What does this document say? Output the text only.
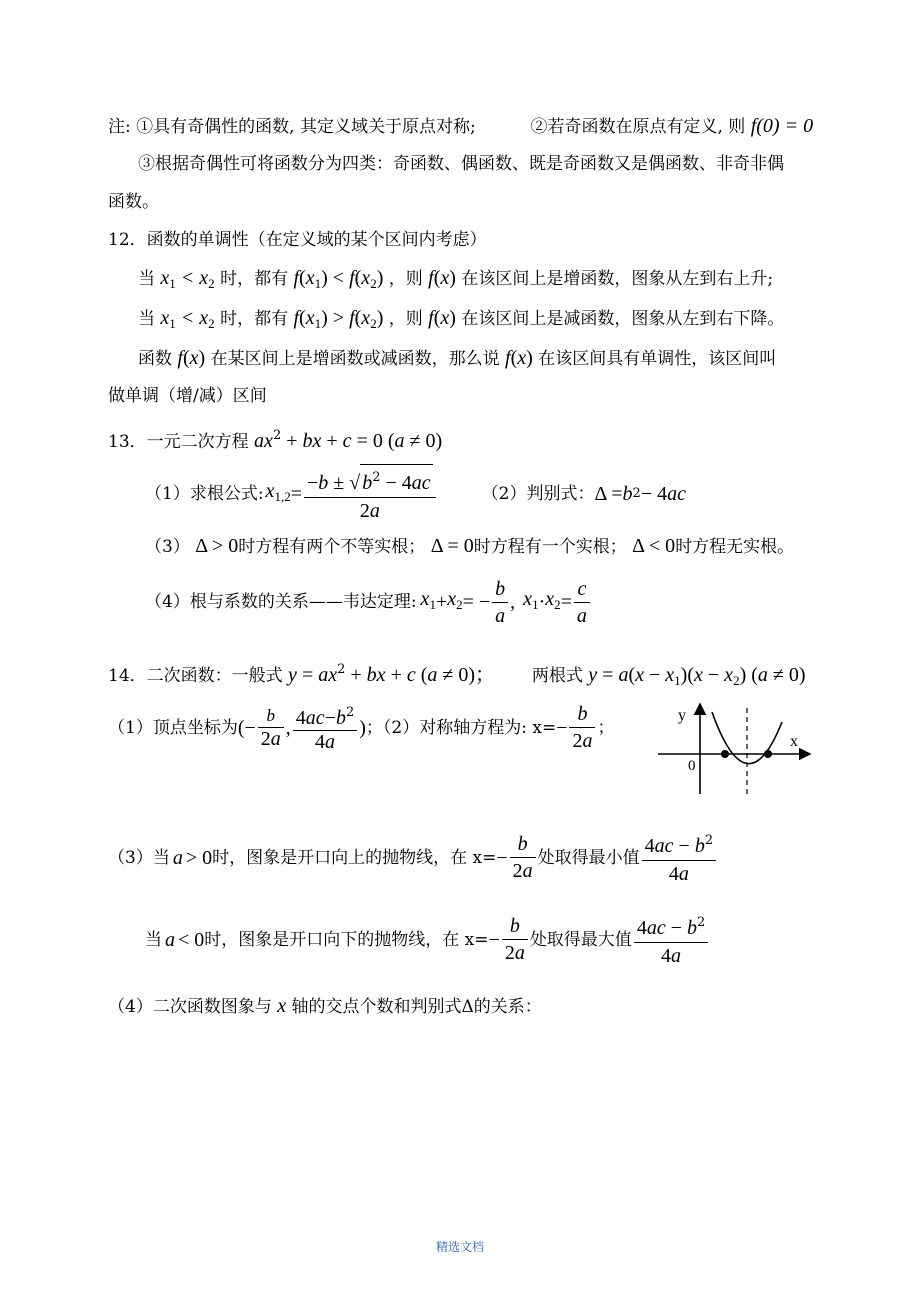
注: ①具有奇偶性的函数, 其定义域关于原点对称;	②若奇函数在原点有定义, 则 f(0) = 0
③根据奇偶性可将函数分为四类：奇函数、偶函数、既是奇函数又是偶函数、非奇非偶
函数。
12．函数的单调性（在定义域的某个区间内考虑）
当 $x_1 < x_2$ 时，都有 $f(x_1) < f(x_2)$ ，则 f(x) 在该区间上是增函数，图象从左到右上升;
当 $x_1 < x_2$ 时，都有 $f(x_1) > f(x_2)$ ，则 f(x) 在该区间上是减函数，图象从左到右下降。
函数 f(x) 在某区间上是增函数或减函数，那么说 f(x) 在该区间具有单调性，该区间叫
做单调（增/减）区间
13．一元二次方程 $ax^2$ + bx + c = 0 (a ≠ 0)
（1）求根公式: $x_{1,2} = \frac{-b \pm √ b^2 - 4ac}{2a}$	（2）判别式： Δ = b 2 − 4 ac
（3） Δ > 0时方程有两个不等实根； Δ = 0时方程有一个实根； Δ < 0时方程无实根。
（4）根与系数的关系——韦达定理: $x_1 + x_2$ = − $\frac{b}{a}$ , $x_1 \cdot x_2 = \frac{c}{a}$
14．二次函数：一般式 $y = ax^2$ + bx + c (a ≠ 0)； 两根式 $y = a(x - x_1)(x - x_2)$ (a ≠ 0)
（1）顶点坐标为 (− $\frac{b}{2a}$ , $\frac{4ac-b^2}{4a}$ ) ；（2）对称轴方程为: $x= - \frac{b}{2a}$ ；
y
x
0
（3）当 a > 0 时，图象是开口向上的抛物线，在 $x= - \frac{b}{2a}$ 处取得最小值 $\frac{4ac - b^2}{4a}$
当 a < 0 时，图象是开口向下的抛物线，在 $x= - \frac{b}{2a}$ 处取得最大值 $\frac{4ac - b^2}{4a}$
（4）二次函数图象与 x 轴的交点个数和判别式Δ的关系：
精选文档
